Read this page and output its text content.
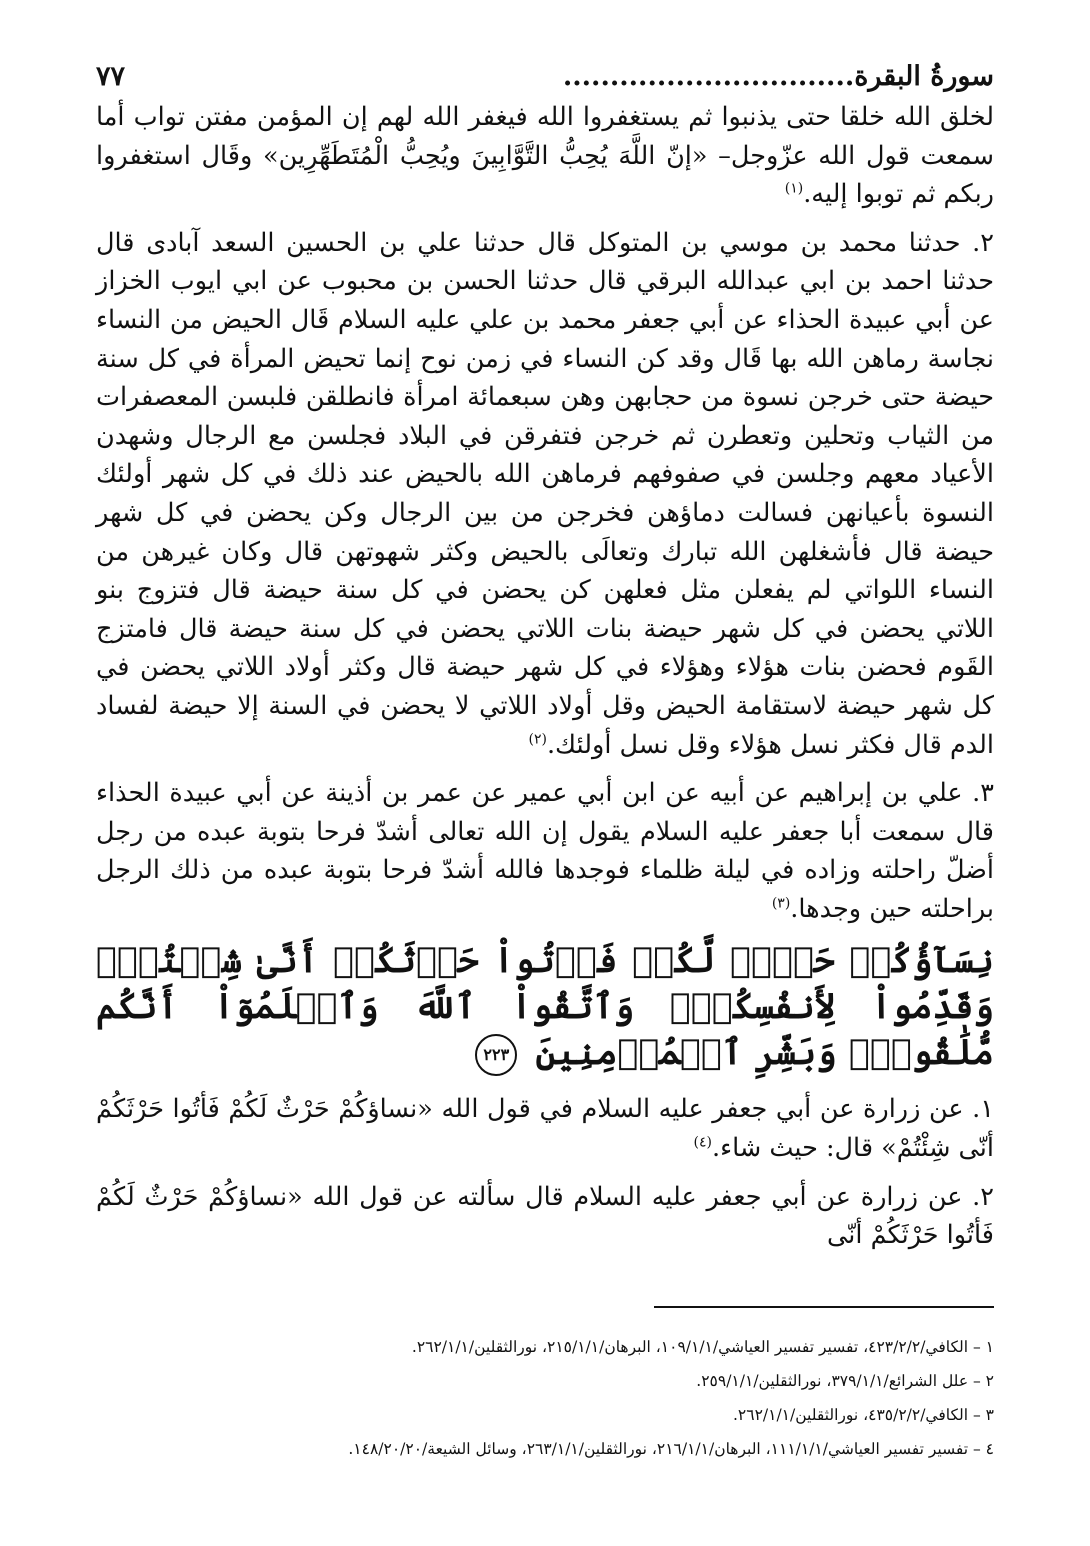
سورةُ البقرة...............................
٧٧

لخلق الله خلقا حتى يذنبوا ثم يستغفروا الله فيغفر الله لهم إن المؤمن مفتن تواب أما سمعت قول الله عزّوجل– «إنّ اللَّهَ يُحِبُّ التَّوَّابِينَ ويُحِبُّ الْمُتَطَهِّرِين» وقَال استغفروا ربكم ثم توبوا إليه.$^{(١)}$

٢. حدثنا محمد بن موسي بن المتوكل قال حدثنا علي بن الحسين السعد آبادى قال حدثنا احمد بن ابي عبدالله البرقي قال حدثنا الحسن بن محبوب عن ابي ايوب الخزاز عن أبي عبيدة الحذاء عن أبي جعفر محمد بن علي عليه السلام قَال الحيض من النساء نجاسة رماهن الله بها قَال وقد كن النساء في زمن نوح إنما تحيض المرأة في كل سنة حيضة حتى خرجن نسوة من حجابهن وهن سبعمائة امرأة فانطلقن فلبسن المعصفرات من الثياب وتحلين وتعطرن ثم خرجن فتفرقن في البلاد فجلسن مع الرجال وشهدن الأعياد معهم وجلسن في صفوفهم فرماهن الله بالحيض عند ذلك في كل شهر أولئك النسوة بأعيانهن فسالت دماؤهن فخرجن من بين الرجال وكن يحضن في كل شهر حيضة قال فأشغلهن الله تبارك وتعالَى بالحيض وكثر شهوتهن قال وكان غيرهن من النساء اللواتي لم يفعلن مثل فعلهن كن يحضن في كل سنة حيضة قال فتزوج بنو اللاتي يحضن في كل شهر حيضة بنات اللاتي يحضن في كل سنة حيضة قال فامتزج القَوم فحضن بنات هؤلاء وهؤلاء في كل شهر حيضة قال وكثر أولاد اللاتي يحضن في كل شهر حيضة لاستقامة الحيض وقل أولاد اللاتي لا يحضن في السنة إلا حيضة لفساد الدم قال فكثر نسل هؤلاء وقل نسل أولئك.$^{(٢)}$

٣. علي بن إبراهيم عن أبيه عن ابن أبي عمير عن عمر بن أذينة عن أبي عبيدة الحذاء قال سمعت أبا جعفر عليه السلام يقول إن الله تعالى أشدّ فرحا بتوبة عبده من رجل أضلّ راحلته وزاده في ليلة ظلماء فوجدها فالله أشدّ فرحا بتوبة عبده من ذلك الرجل براحلته حين وجدها.$^{(٣)}$

نِسَآؤُكُمۡ حَرۡثٞ لَّكُمۡ فَأۡتُواْ حَرۡثَكُمۡ أَنَّىٰ شِئۡتُمۡۖ وَقَدِّمُواْ لِأَنفُسِكُمۡۚ وَٱتَّقُواْ ٱللَّهَ وَٱعۡلَمُوٓاْ أَنَّكُم مُّلَٰقُوهُۗ وَبَشِّرِ ٱلۡمُؤۡمِنِينَ ٢٢٣

١. عن زرارة عن أبي جعفر عليه السلام في قول الله «نساؤكُمْ حَرْثٌ لَكُمْ فَأتُوا حَرْثَكُمْ أنّى شِئْتُمْ» قال: حيث شاء.$^{(٤)}$

٢. عن زرارة عن أبي جعفر عليه السلام قال سألته عن قول الله «نساؤكُمْ حَرْثٌ لَكُمْ فَأتُوا حَرْثَكُمْ أنّى

١ – الكافي/٤٢٣/٢/٢، تفسير تفسير العياشي/١٠٩/١/١، البرهان/٢١٥/١/١، نورالثقلين/٢٦٢/١/١.
٢ – علل الشرائع/٣٧٩/١/١، نورالثقلين/٢٥٩/١/١.
٣ – الكافي/٤٣٥/٢/٢، نورالثقلين/٢٦٢/١/١.
٤ – تفسير تفسير العياشي/١١١/١/١، البرهان/٢١٦/١/١، نورالثقلين/٢٦٣/١/١، وسائل الشيعة/١٤٨/٢٠/٢٠.
